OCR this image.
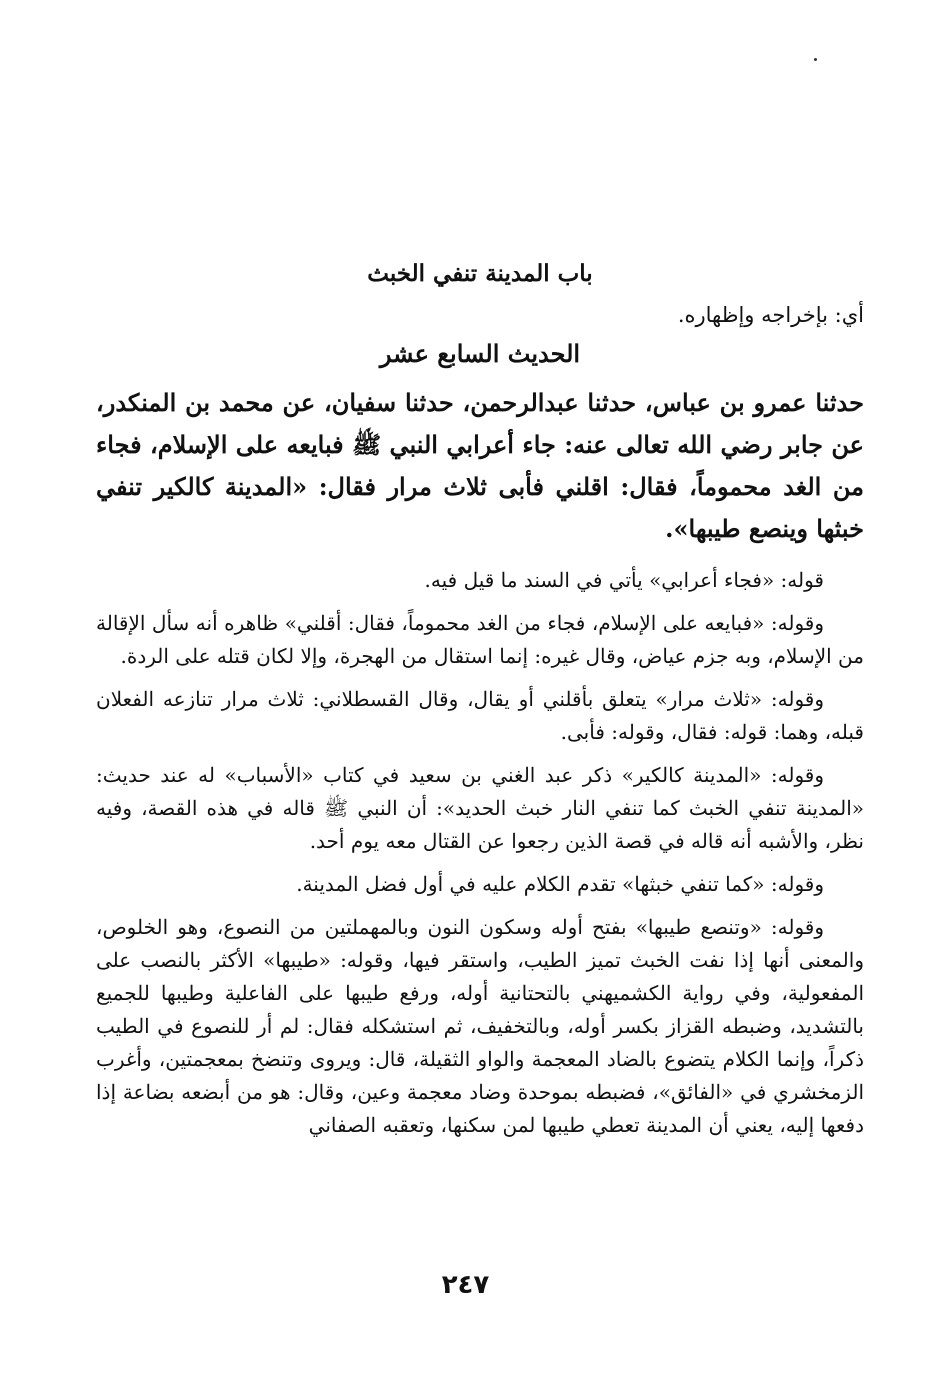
باب المدينة تنفي الخبث
أي: بإخراجه وإظهاره.
الحديث السابع عشر
حدثنا عمرو بن عباس، حدثنا عبدالرحمن، حدثنا سفيان، عن محمد بن المنكدر، عن جابر رضي الله تعالى عنه: جاء أعرابي النبي ﷺ فبايعه على الإسلام، فجاء من الغد محموماً، فقال: اقلني فأبى ثلاث مرار فقال: «المدينة كالكير تنفي خبثها وينصع طيبها».

قوله: «فجاء أعرابي» يأتي في السند ما قيل فيه.

وقوله: «فبايعه على الإسلام، فجاء من الغد محموماً، فقال: أقلني» ظاهره أنه سأل الإقالة من الإسلام، وبه جزم عياض، وقال غيره: إنما استقال من الهجرة، وإلا لكان قتله على الردة.

وقوله: «ثلاث مرار» يتعلق بأقلني أو يقال، وقال القسطلاني: ثلاث مرار تنازعه الفعلان قبله، وهما: قوله: فقال، وقوله: فأبى.

وقوله: «المدينة كالكير» ذكر عبد الغني بن سعيد في كتاب «الأسباب» له عند حديث: «المدينة تنفي الخبث كما تنفي النار خبث الحديد»: أن النبي ﷺ قاله في هذه القصة، وفيه نظر، والأشبه أنه قاله في قصة الذين رجعوا عن القتال معه يوم أحد.

وقوله: «كما تنفي خبثها» تقدم الكلام عليه في أول فضل المدينة.

وقوله: «وتنصع طيبها» بفتح أوله وسكون النون وبالمهملتين من النصوع، وهو الخلوص، والمعنى أنها إذا نفت الخبث تميز الطيب، واستقر فيها، وقوله: «طيبها» الأكثر بالنصب على المفعولية، وفي رواية الكشميهني بالتحتانية أوله، ورفع طيبها على الفاعلية وطيبها للجميع بالتشديد، وضبطه القزاز بكسر أوله، وبالتخفيف، ثم استشكله فقال: لم أر للنصوع في الطيب ذكراً، وإنما الكلام يتضوع بالضاد المعجمة والواو الثقيلة، قال: ويروى وتنضخ بمعجمتين، وأغرب الزمخشري في «الفائق»، فضبطه بموحدة وضاد معجمة وعين، وقال: هو من أبضعه بضاعة إذا دفعها إليه، يعني أن المدينة تعطي طيبها لمن سكنها، وتعقبه الصفاني

٢٤٧
